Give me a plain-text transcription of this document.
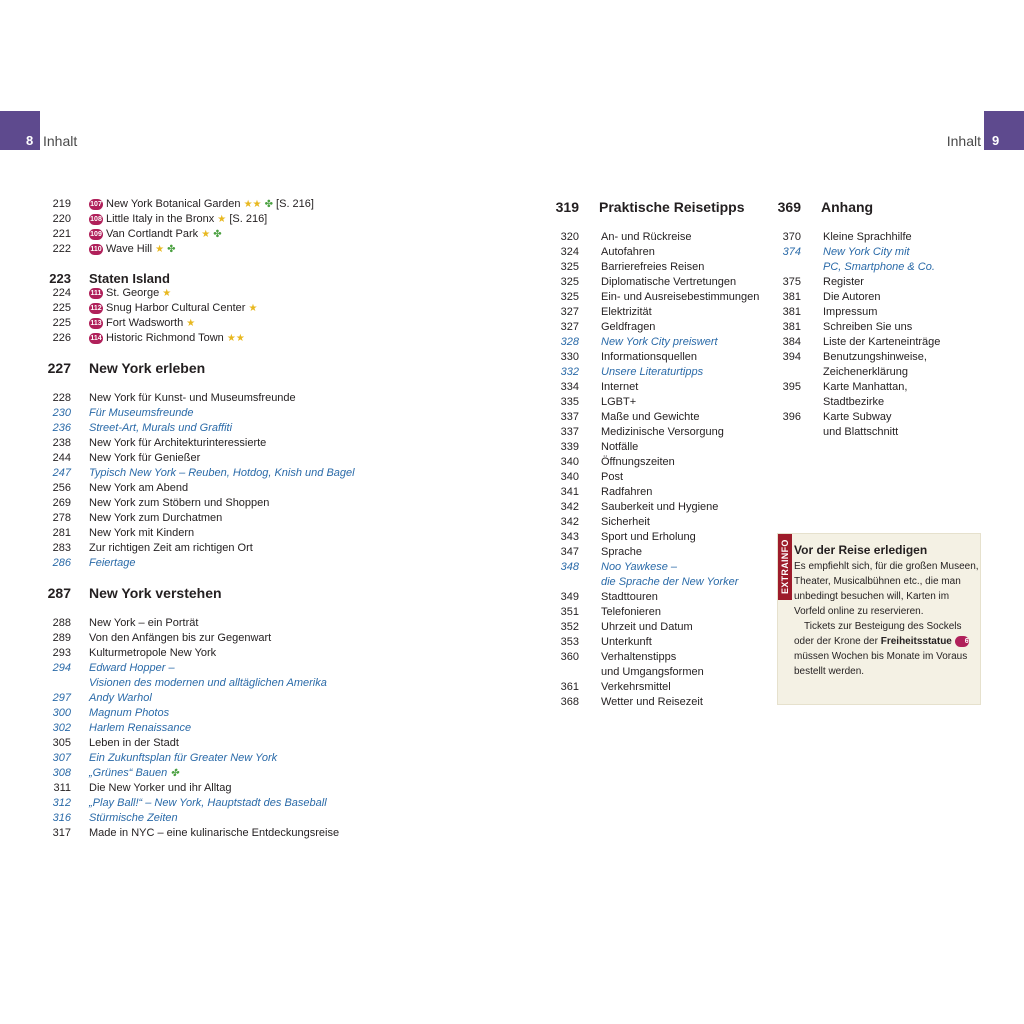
8 Inhalt	Inhalt 9
219	107 New York Botanical Garden ★★ ✤ [S. 216]
220	108 Little Italy in the Bronx ★ [S. 216]
221	109 Van Cortlandt Park ★ ✤
222	110 Wave Hill ★ ✤
223 Staten Island
224	111 St. George ★
225	112 Snug Harbor Cultural Center ★
225	113 Fort Wadsworth ★
226	114 Historic Richmond Town ★★
227 New York erleben
228 New York für Kunst- und Museumsfreunde
230 Für Museumsfreunde
236 Street-Art, Murals und Graffiti
238 New York für Architekturinteressierte
244 New York für Genießer
247 Typisch New York – Reuben, Hotdog, Knish und Bagel
256 New York am Abend
269 New York zum Stöbern und Shoppen
278 New York zum Durchatmen
281 New York mit Kindern
283 Zur richtigen Zeit am richtigen Ort
286 Feiertage
287 New York verstehen
288 New York – ein Porträt
289 Von den Anfängen bis zur Gegenwart
293 Kulturmetropole New York
294 Edward Hopper –
Visionen des modernen und alltäglichen Amerika
297 Andy Warhol
300 Magnum Photos
302 Harlem Renaissance
305 Leben in der Stadt
307 Ein Zukunftsplan für Greater New York
308 „Grünes“ Bauen ✤
311 Die New Yorker und ihr Alltag
312 „Play Ball!“ – New York, Hauptstadt des Baseball
316 Stürmische Zeiten
317 Made in NYC – eine kulinarische Entdeckungsreise
319 Praktische Reisetipps
320 An- und Rückreise
324 Autofahren
325 Barrierefreies Reisen
325 Diplomatische Vertretungen
325 Ein- und Ausreisebestimmungen
327 Elektrizität
327 Geldfragen
328 New York City preiswert
330 Informationsquellen
332 Unsere Literaturtipps
334 Internet
335 LGBT+
337 Maße und Gewichte
337 Medizinische Versorgung
339 Notfälle
340 Öffnungszeiten
340 Post
341 Radfahren
342 Sauberkeit und Hygiene
342 Sicherheit
343 Sport und Erholung
347 Sprache
348 Noo Yawkese –
die Sprache der New Yorker
349 Stadttouren
351 Telefonieren
352 Uhrzeit und Datum
353 Unterkunft
360 Verhaltenstipps
und Umgangsformen
361 Verkehrsmittel
368 Wetter und Reisezeit
369 Anhang
370 Kleine Sprachhilfe
374 New York City mit
PC, Smartphone & Co.
375 Register
381 Die Autoren
381 Impressum
381 Schreiben Sie uns
384 Liste der Karteneinträge
394 Benutzungshinweise,
Zeichenerklärung
395 Karte Manhattan,
Stadtbezirke
396 Karte Subway
und Blattschnitt
EXTRAINFO Vor der Reise erledigen

Es empfiehlt sich, für die großen Museen, Theater, Musicalbühnen etc., die man unbedingt besuchen will, Karten im Vorfeld online zu reservieren.

Tickets zur Besteigung des Sockels oder der Krone der Freiheitsstatue 6 müssen Wochen bis Monate im Voraus bestellt werden.
